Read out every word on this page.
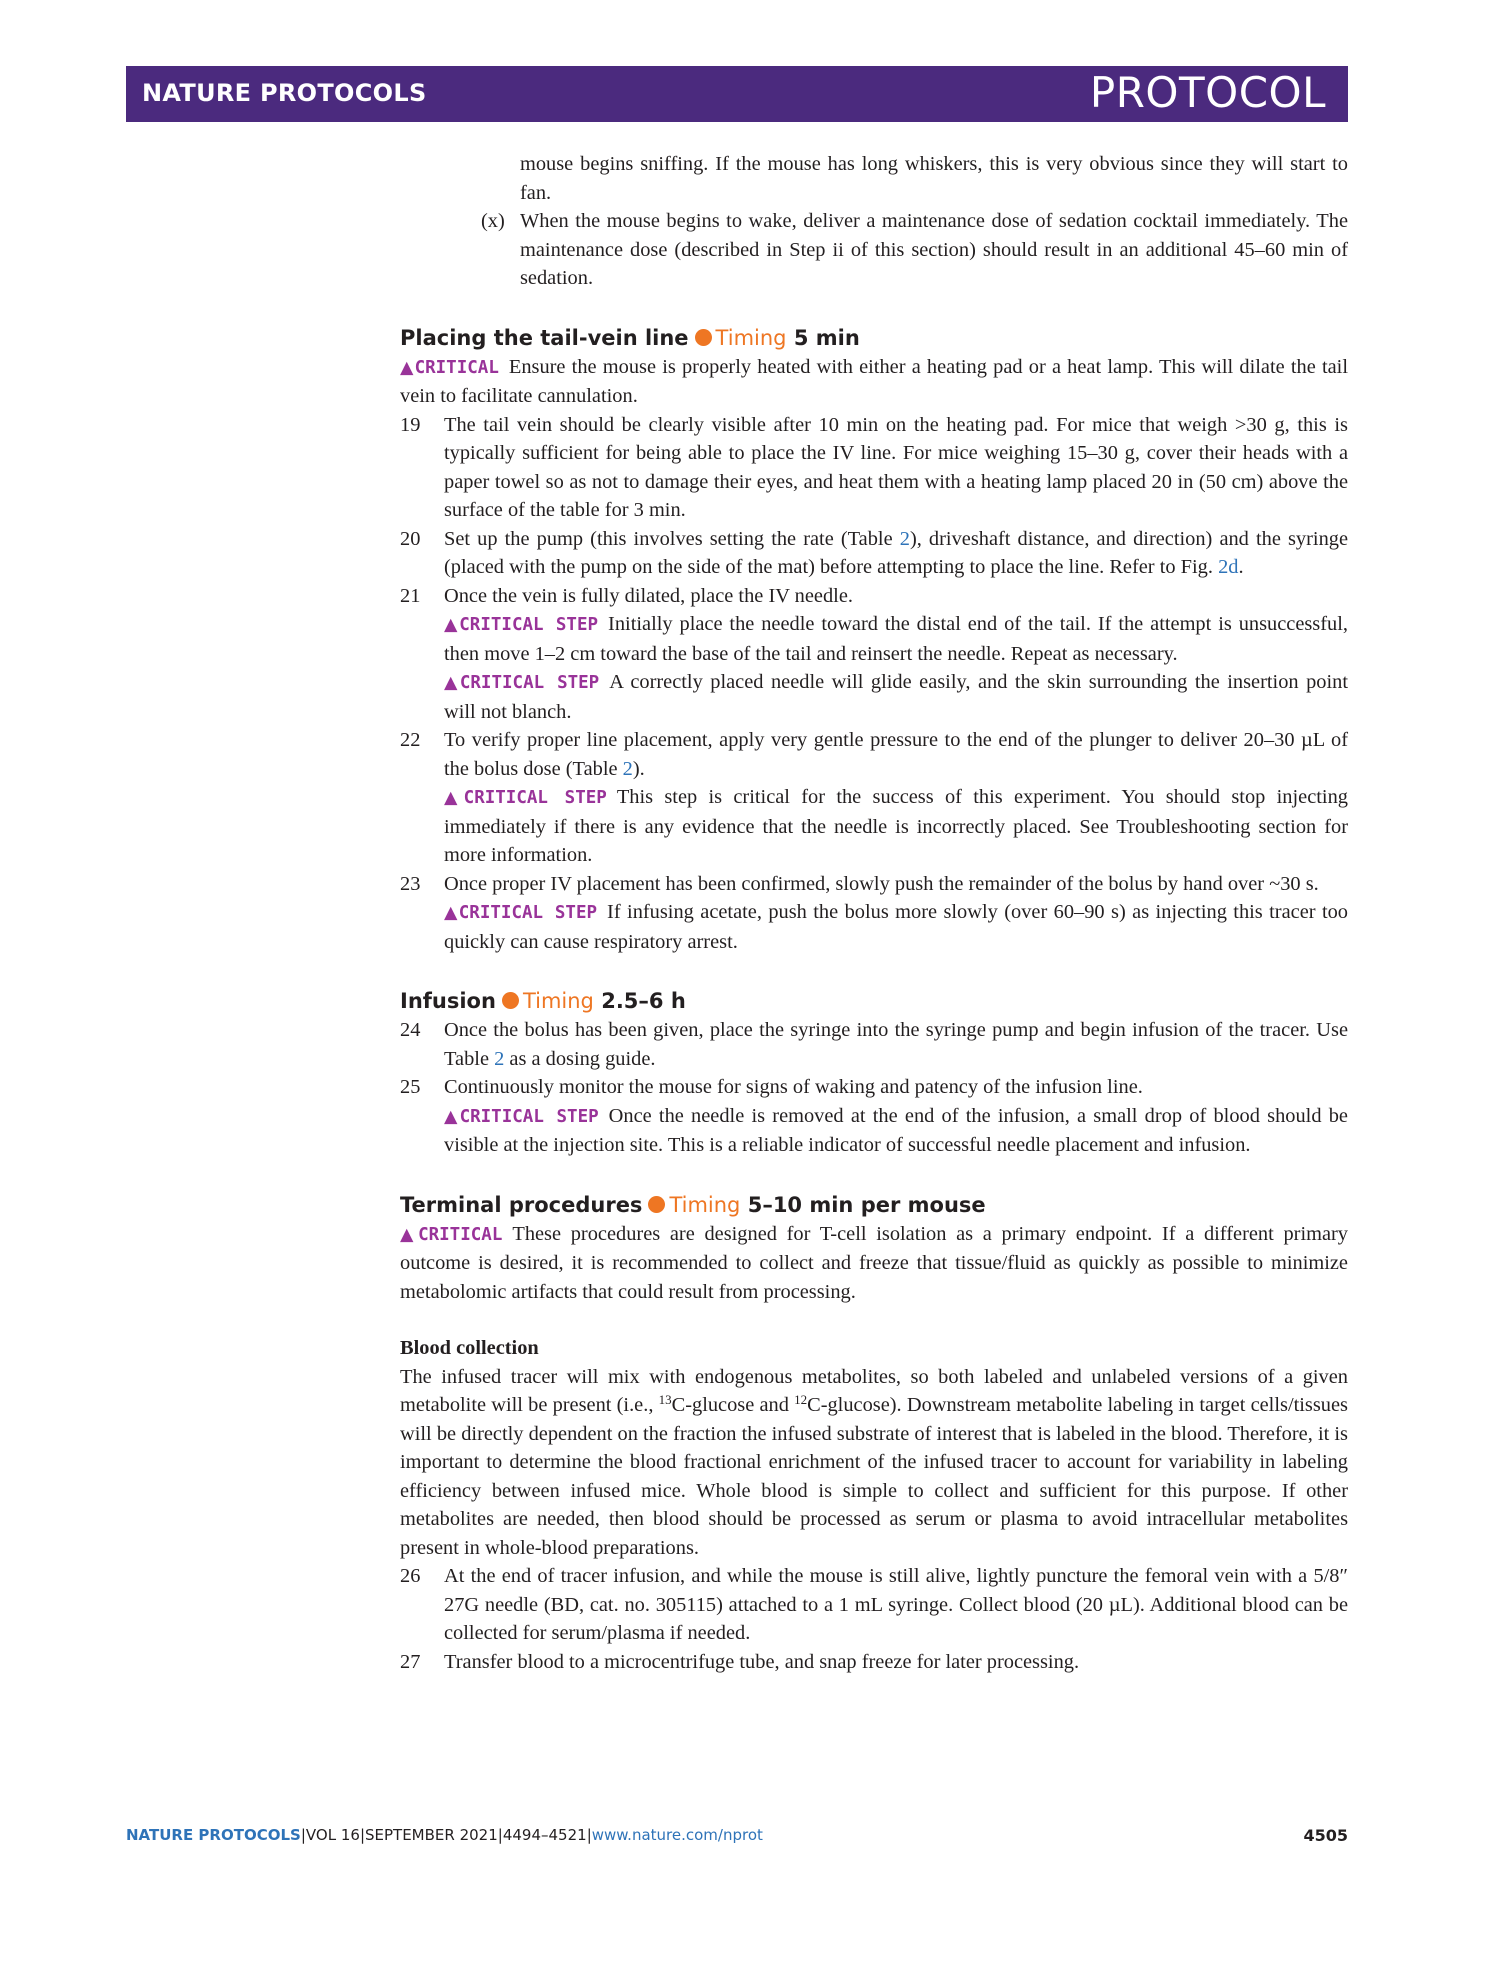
NATURE PROTOCOLS	PROTOCOL

mouse begins sniffing. If the mouse has long whiskers, this is very obvious since they will start to fan.

(x) When the mouse begins to wake, deliver a maintenance dose of sedation cocktail immediately. The maintenance dose (described in Step ii of this section) should result in an additional 45–60 min of sedation.

Placing the tail-vein line Timing 5 min

▲CRITICAL Ensure the mouse is properly heated with either a heating pad or a heat lamp. This will dilate the tail vein to facilitate cannulation.

19 The tail vein should be clearly visible after 10 min on the heating pad. For mice that weigh >30 g, this is typically sufficient for being able to place the IV line. For mice weighing 15–30 g, cover their heads with a paper towel so as not to damage their eyes, and heat them with a heating lamp placed 20 in (50 cm) above the surface of the table for 3 min.

20 Set up the pump (this involves setting the rate (Table 2), driveshaft distance, and direction) and the syringe (placed with the pump on the side of the mat) before attempting to place the line. Refer to Fig. 2d.

21 Once the vein is fully dilated, place the IV needle.

▲CRITICAL STEP Initially place the needle toward the distal end of the tail. If the attempt is unsuccessful, then move 1–2 cm toward the base of the tail and reinsert the needle. Repeat as necessary.

▲CRITICAL STEP A correctly placed needle will glide easily, and the skin surrounding the insertion point will not blanch.

22 To verify proper line placement, apply very gentle pressure to the end of the plunger to deliver 20–30 µL of the bolus dose (Table 2).

▲CRITICAL STEP This step is critical for the success of this experiment. You should stop injecting immediately if there is any evidence that the needle is incorrectly placed. See Troubleshooting section for more information.

23 Once proper IV placement has been confirmed, slowly push the remainder of the bolus by hand over ~30 s.

▲CRITICAL STEP If infusing acetate, push the bolus more slowly (over 60–90 s) as injecting this tracer too quickly can cause respiratory arrest.

Infusion Timing 2.5–6 h
24 Once the bolus has been given, place the syringe into the syringe pump and begin infusion of the tracer. Use Table 2 as a dosing guide.

25 Continuously monitor the mouse for signs of waking and patency of the infusion line.

▲CRITICAL STEP Once the needle is removed at the end of the infusion, a small drop of blood should be visible at the injection site. This is a reliable indicator of successful needle placement and infusion.

Terminal procedures Timing 5–10 min per mouse

▲CRITICAL These procedures are designed for T-cell isolation as a primary endpoint. If a different primary outcome is desired, it is recommended to collect and freeze that tissue/fluid as quickly as possible to minimize metabolomic artifacts that could result from processing.

Blood collection

The infused tracer will mix with endogenous metabolites, so both labeled and unlabeled versions of a given metabolite will be present (i.e., $^{13}$C-glucose and $^{12}$C-glucose). Downstream metabolite labeling in target cells/tissues will be directly dependent on the fraction the infused substrate of interest that is labeled in the blood. Therefore, it is important to determine the blood fractional enrichment of the infused tracer to account for variability in labeling efficiency between infused mice. Whole blood is simple to collect and sufficient for this purpose. If other metabolites are needed, then blood should be processed as serum or plasma to avoid intracellular metabolites present in whole-blood preparations.

26 At the end of tracer infusion, and while the mouse is still alive, lightly puncture the femoral vein with a 5/8″ 27G needle (BD, cat. no. 305115) attached to a 1 mL syringe. Collect blood (20 µL). Additional blood can be collected for serum/plasma if needed.

27 Transfer blood to a microcentrifuge tube, and snap freeze for later processing.

NATURE PROTOCOLS|VOL 16|SEPTEMBER 2021|4494–4521|www.nature.com/nprot	4505
